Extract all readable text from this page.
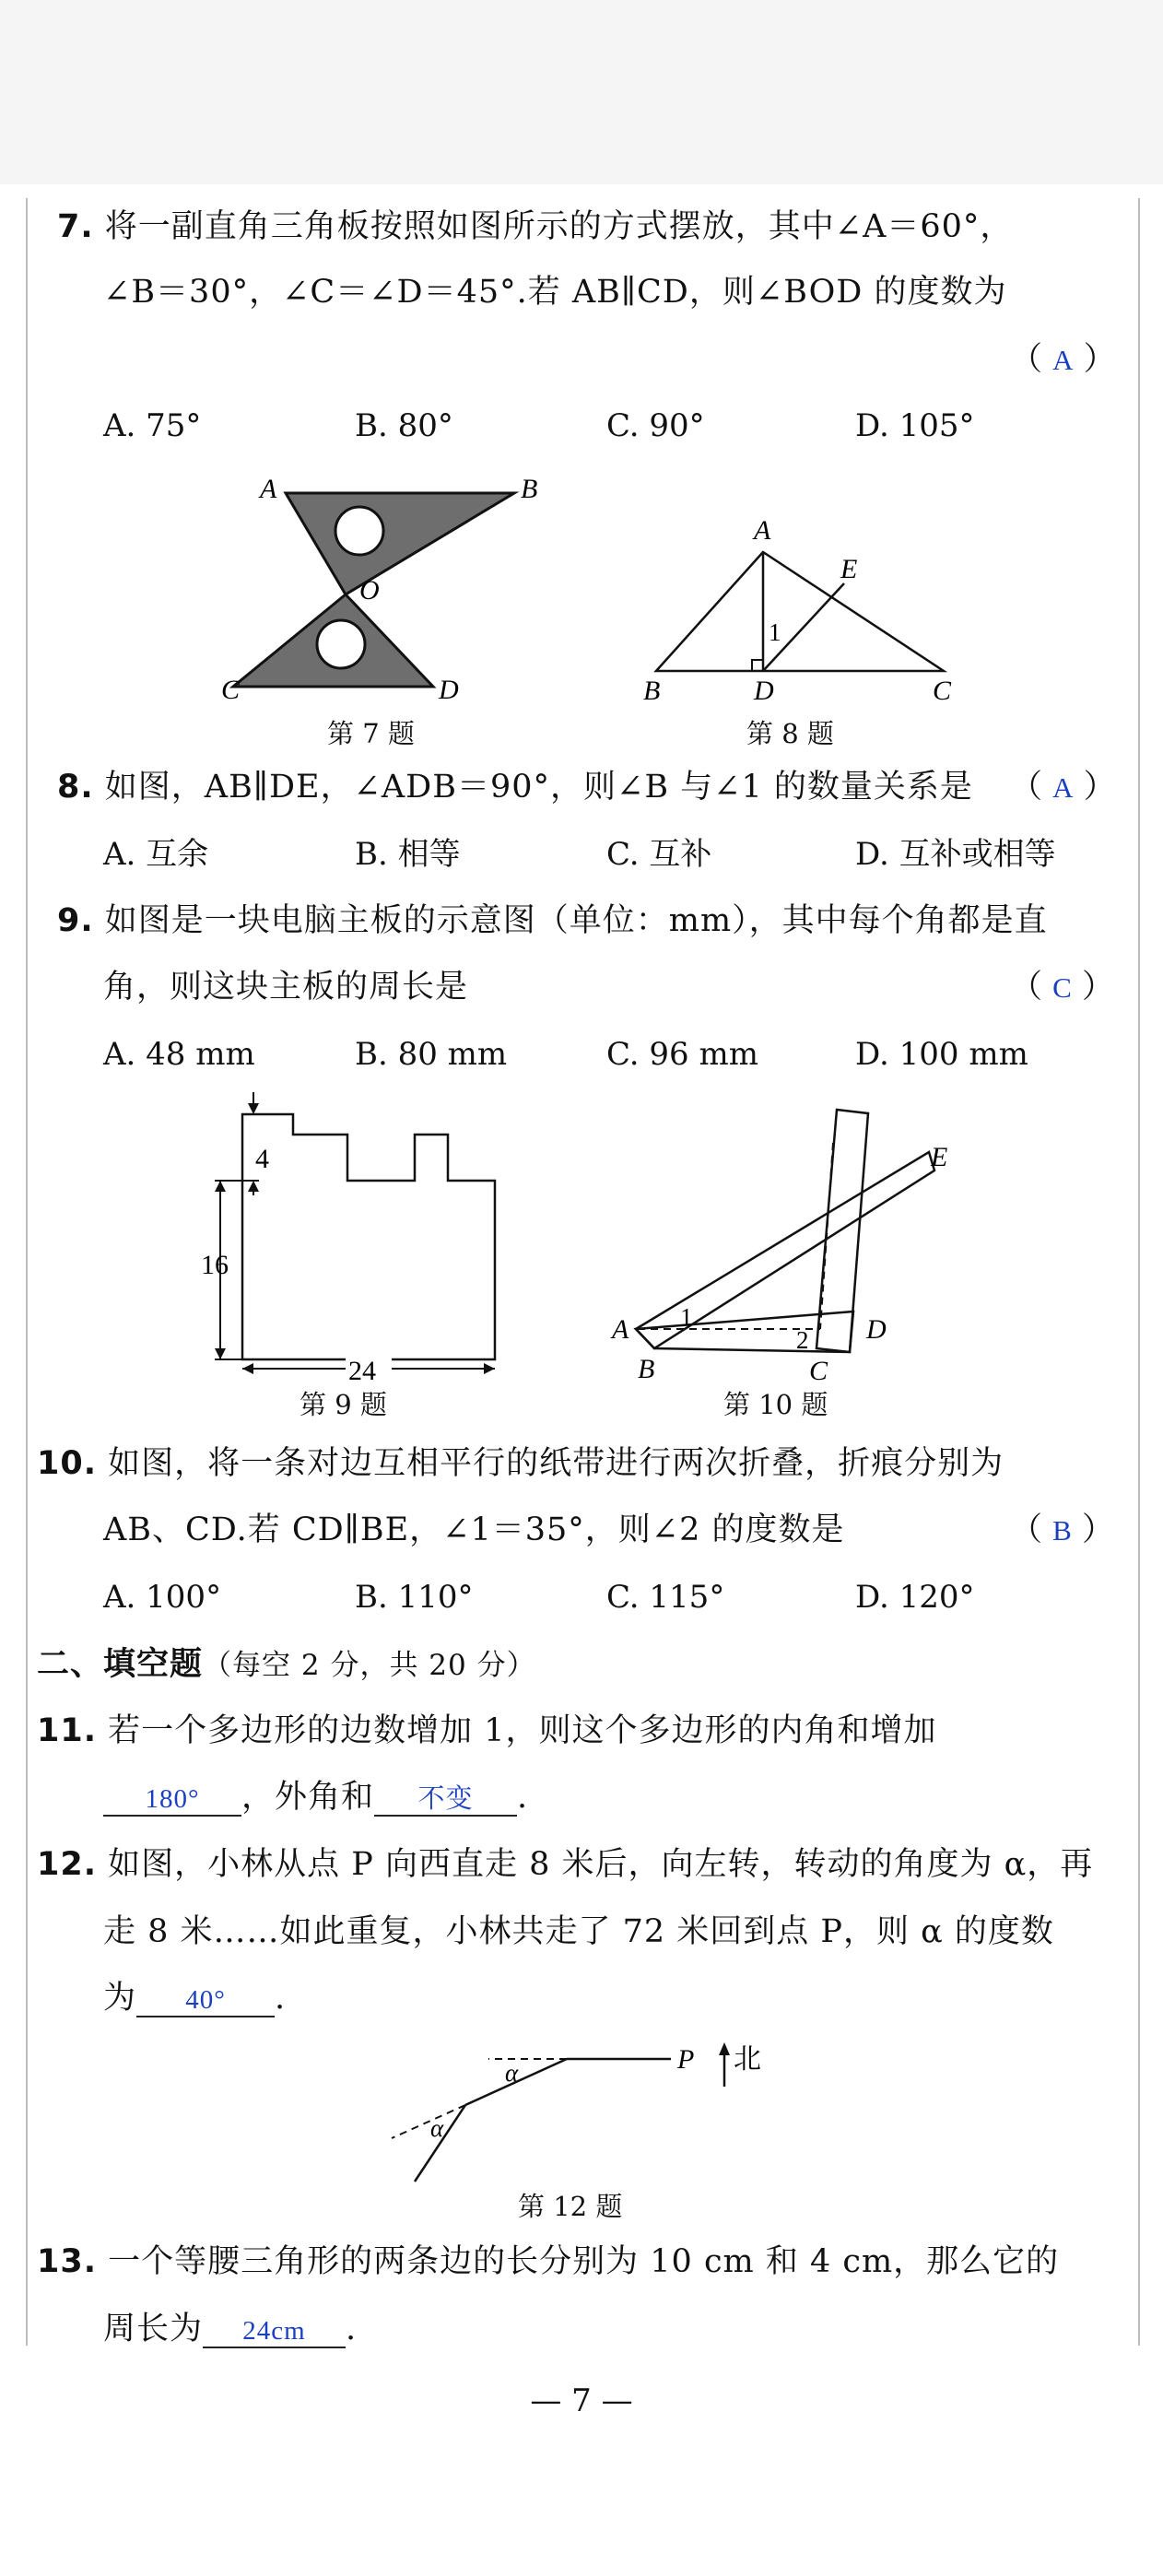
7. 将一副直角三角板按照如图所示的方式摆放，其中∠A＝60°，
∠B＝30°，∠C＝∠D＝45°.若 AB∥CD，则∠BOD 的度数为
（ A ）
A. 75°	B. 80°	C. 90°	D. 105°
A	B
O
C	D
第 7 题
A
E
B	D	C
1
第 8 题
8. 如图，AB∥DE，∠ADB＝90°，则∠B 与∠1 的数量关系是 （ A ）
A. 互余	B. 相等	C. 互补	D. 互补或相等
9. 如图是一块电脑主板的示意图（单位：mm），其中每个角都是直
角，则这块主板的周长是	（ C ）
A. 48 mm	B. 80 mm	C. 96 mm	D. 100 mm
4
16
24
第 9 题
E
A
B	C
D
1
2
第 10 题
10. 如图，将一条对边互相平行的纸带进行两次折叠，折痕分别为
AB、CD.若 CD∥BE，∠1＝35°，则∠2 的度数是	（ B ）
A. 100°	B. 110°	C. 115°	D. 120°
二、填空题（每空 2 分，共 20 分）
11. 若一个多边形的边数增加 1，则这个多边形的内角和增加
180° ，外角和 不变 .
12. 如图，小林从点 P 向西直走 8 米后，向左转，转动的角度为 α，再
走 8 米……如此重复，小林共走了 72 米回到点 P，则 α 的度数
为 40° .
α
α
P 北
第 12 题
13. 一个等腰三角形的两条边的长分别为 10 cm 和 4 cm，那么它的
周长为 24cm .
— 7 —
